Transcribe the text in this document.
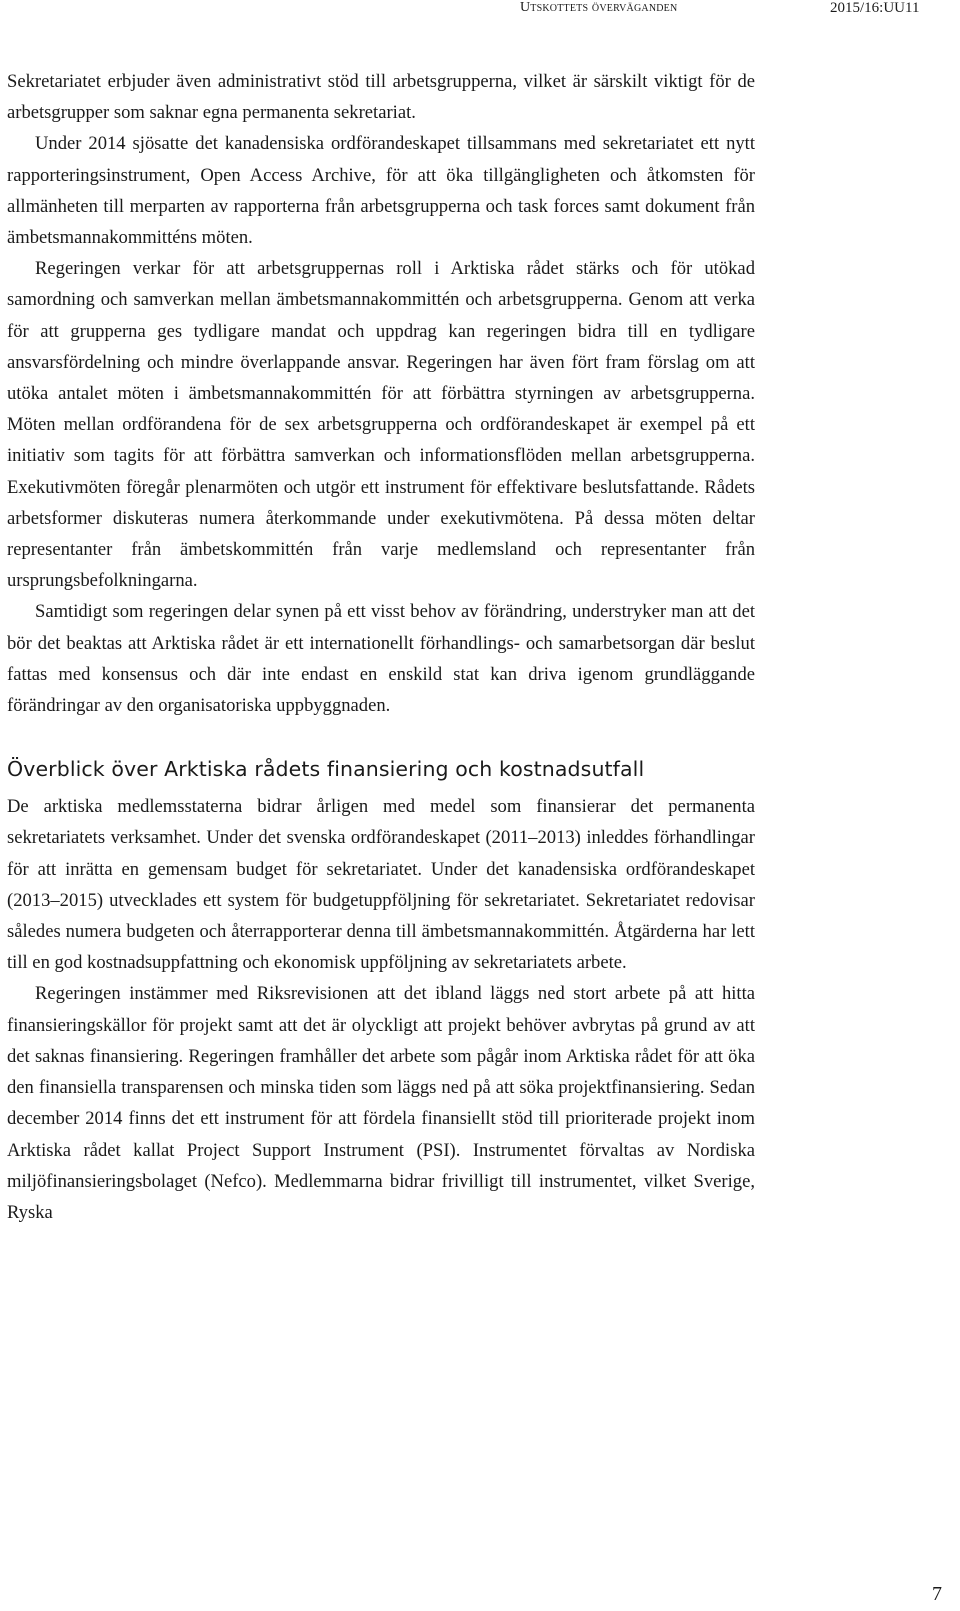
Utskottets överväganden	2015/16:UU11

Sekretariatet erbjuder även administrativt stöd till arbetsgrupperna, vilket är särskilt viktigt för de arbetsgrupper som saknar egna permanenta sekretariat.

Under 2014 sjösatte det kanadensiska ordförandeskapet tillsammans med sekretariatet ett nytt rapporteringsinstrument, Open Access Archive, för att öka tillgängligheten och åtkomsten för allmänheten till merparten av rapporterna från arbetsgrupperna och task forces samt dokument från ämbetsmannakommitténs möten.

Regeringen verkar för att arbetsgruppernas roll i Arktiska rådet stärks och för utökad samordning och samverkan mellan ämbetsmannakommittén och arbetsgrupperna. Genom att verka för att grupperna ges tydligare mandat och uppdrag kan regeringen bidra till en tydligare ansvarsfördelning och mindre överlappande ansvar. Regeringen har även fört fram förslag om att utöka antalet möten i ämbetsmannakommittén för att förbättra styrningen av arbetsgrupperna. Möten mellan ordförandena för de sex arbetsgrupperna och ordförandeskapet är exempel på ett initiativ som tagits för att förbättra samverkan och informationsflöden mellan arbetsgrupperna. Exekutivmöten föregår plenarmöten och utgör ett instrument för effektivare beslutsfattande. Rådets arbetsformer diskuteras numera återkommande under exekutivmötena. På dessa möten deltar representanter från ämbetskommittén från varje medlemsland och representanter från ursprungsbefolkningarna.

Samtidigt som regeringen delar synen på ett visst behov av förändring, understryker man att det bör det beaktas att Arktiska rådet är ett internationellt förhandlings- och samarbetsorgan där beslut fattas med konsensus och där inte endast en enskild stat kan driva igenom grundläggande förändringar av den organisatoriska uppbyggnaden.

Överblick över Arktiska rådets finansiering och kostnadsutfall

De arktiska medlemsstaterna bidrar årligen med medel som finansierar det permanenta sekretariatets verksamhet. Under det svenska ordförandeskapet (2011–2013) inleddes förhandlingar för att inrätta en gemensam budget för sekretariatet. Under det kanadensiska ordförandeskapet (2013–2015) utvecklades ett system för budgetuppföljning för sekretariatet. Sekretariatet redovisar således numera budgeten och återrapporterar denna till ämbetsmannakommittén. Åtgärderna har lett till en god kostnadsuppfattning och ekonomisk uppföljning av sekretariatets arbete.

Regeringen instämmer med Riksrevisionen att det ibland läggs ned stort arbete på att hitta finansieringskällor för projekt samt att det är olyckligt att projekt behöver avbrytas på grund av att det saknas finansiering. Regeringen framhåller det arbete som pågår inom Arktiska rådet för att öka den finansiella transparensen och minska tiden som läggs ned på att söka projektfinansiering. Sedan december 2014 finns det ett instrument för att fördela finansiellt stöd till prioriterade projekt inom Arktiska rådet kallat Project Support Instrument (PSI). Instrumentet förvaltas av Nordiska miljöfinansieringsbolaget (Nefco). Medlemmarna bidrar frivilligt till instrumentet, vilket Sverige, Ryska

7
